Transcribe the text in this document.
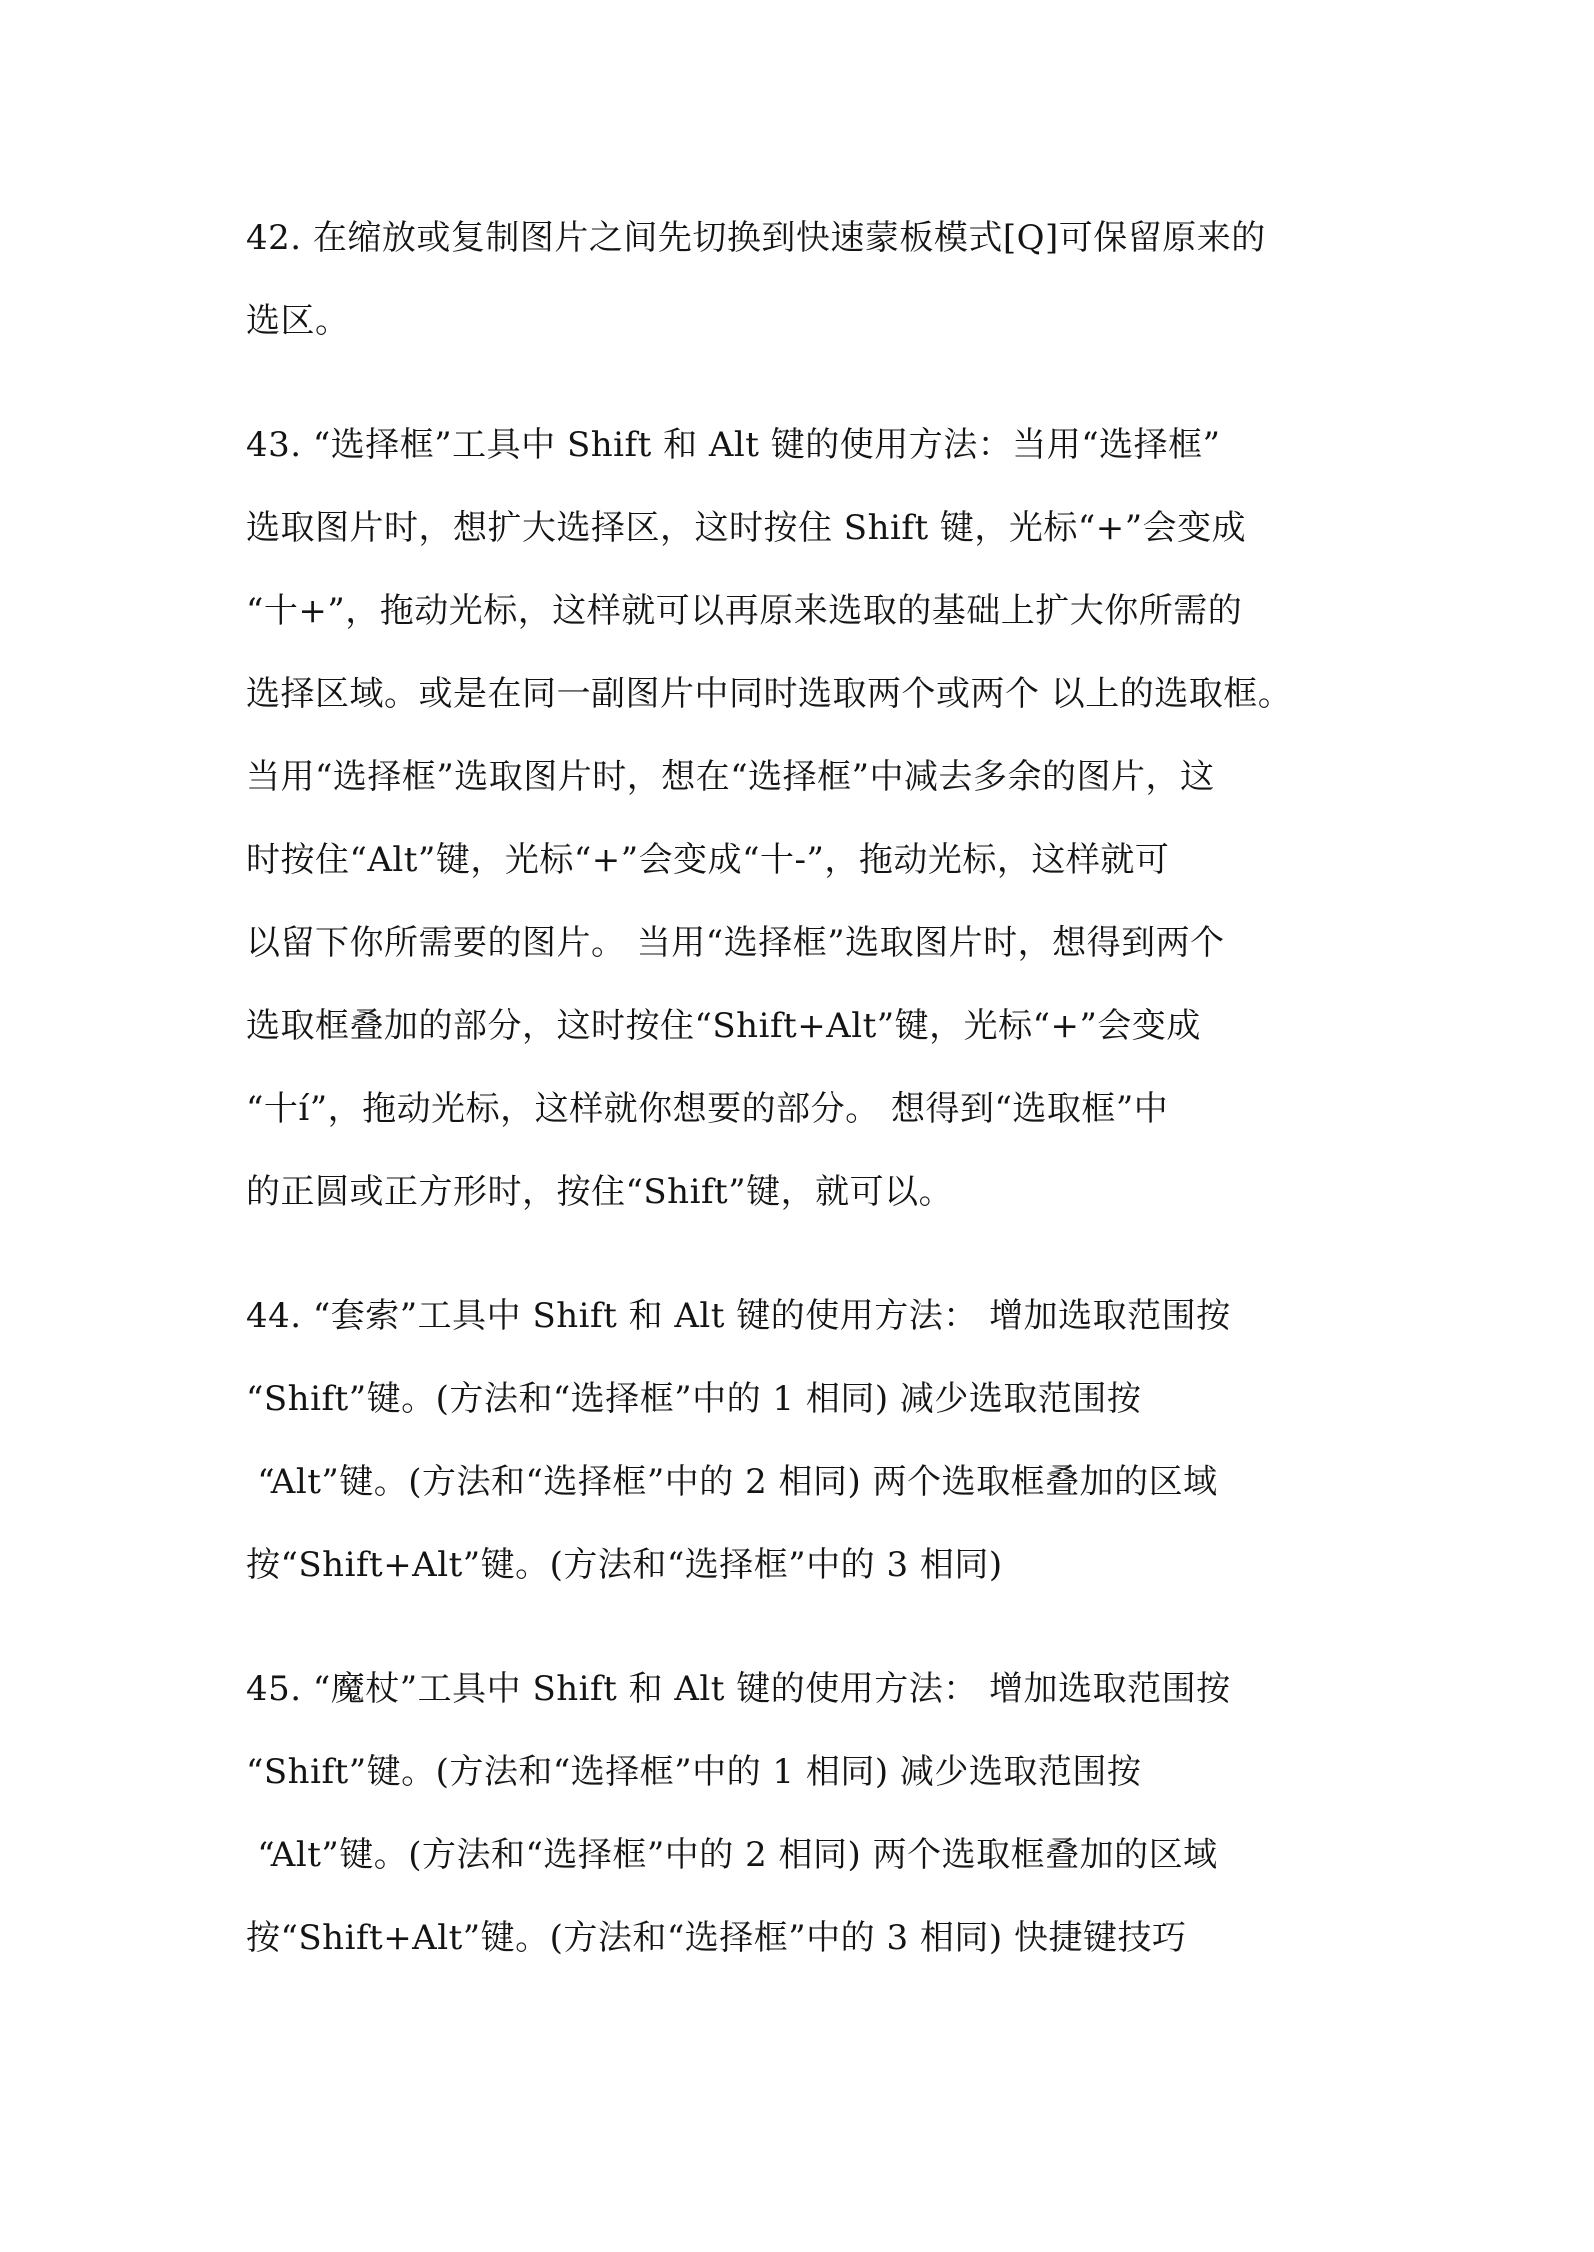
42. 在缩放或复制图片之间先切换到快速蒙板模式[Q]可保留原来的
选区。
43. “选择框”工具中 Shift 和 Alt 键的使用方法：当用“选择框”
选取图片时，想扩大选择区，这时按住 Shift 键，光标“+”会变成
“十+”，拖动光标，这样就可以再原来选取的基础上扩大你所需的
选择区域。或是在同一副图片中同时选取两个或两个 以上的选取框。
当用“选择框”选取图片时，想在“选择框”中减去多余的图片，这
时按住“Alt”键，光标“+”会变成“十-”，拖动光标，这样就可
以留下你所需要的图片。 当用“选择框”选取图片时，想得到两个
选取框叠加的部分，这时按住“Shift+Alt”键，光标“+”会变成
“十í”，拖动光标，这样就你想要的部分。 想得到“选取框”中
的正圆或正方形时，按住“Shift”键，就可以。
44. “套索”工具中 Shift 和 Alt 键的使用方法： 增加选取范围按
“Shift”键。(方法和“选择框”中的 1 相同) 减少选取范围按
“Alt”键。(方法和“选择框”中的 2 相同) 两个选取框叠加的区域
按“Shift+Alt”键。(方法和“选择框”中的 3 相同)
45. “魔杖”工具中 Shift 和 Alt 键的使用方法： 增加选取范围按
“Shift”键。(方法和“选择框”中的 1 相同) 减少选取范围按
“Alt”键。(方法和“选择框”中的 2 相同) 两个选取框叠加的区域
按“Shift+Alt”键。(方法和“选择框”中的 3 相同) 快捷键技巧
